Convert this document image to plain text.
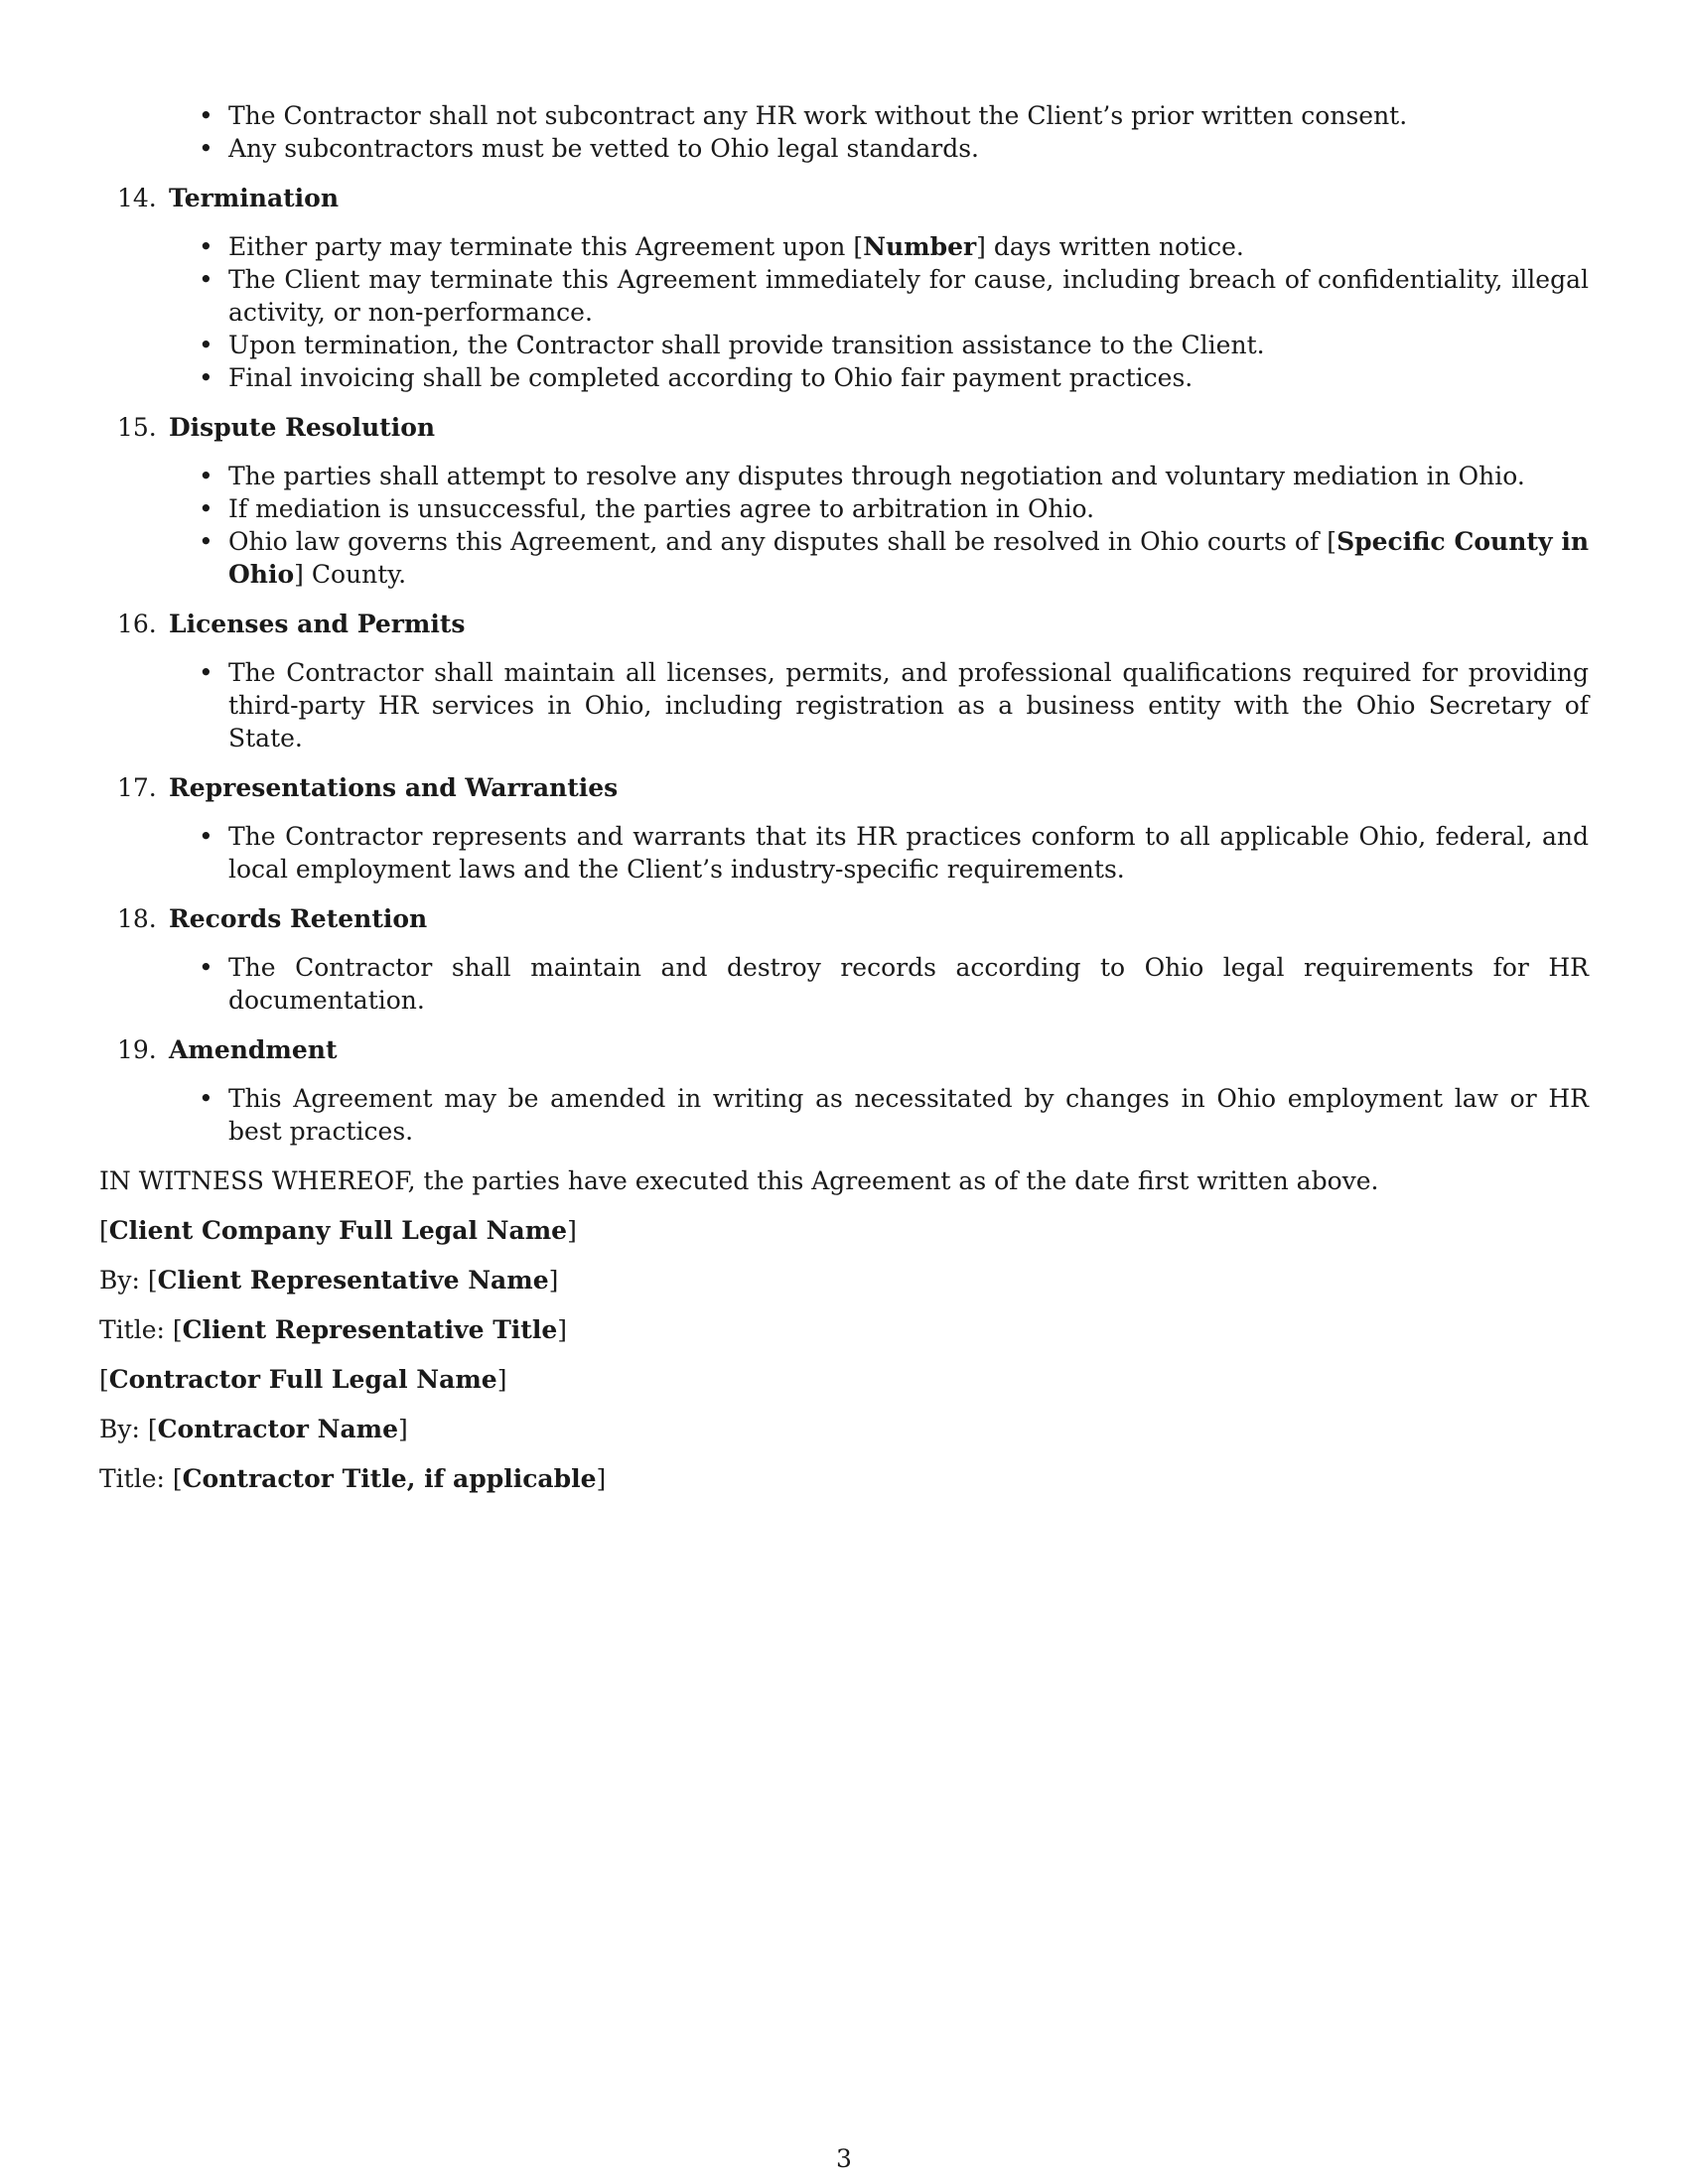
• The Contractor shall not subcontract any HR work without the Client’s prior written consent.
• Any subcontractors must be vetted to Ohio legal standards.
14. Termination
• Either party may terminate this Agreement upon [Number] days written notice.
• The Client may terminate this Agreement immediately for cause, including breach of confidentiality, illegal activity, or non-performance.
• Upon termination, the Contractor shall provide transition assistance to the Client.
• Final invoicing shall be completed according to Ohio fair payment practices.
15. Dispute Resolution
• The parties shall attempt to resolve any disputes through negotiation and voluntary mediation in Ohio.
• If mediation is unsuccessful, the parties agree to arbitration in Ohio.
• Ohio law governs this Agreement, and any disputes shall be resolved in Ohio courts of [Specific County in Ohio] County.
16. Licenses and Permits
• The Contractor shall maintain all licenses, permits, and professional qualifications required for providing third-party HR services in Ohio, including registration as a business entity with the Ohio Secretary of State.
17. Representations and Warranties
• The Contractor represents and warrants that its HR practices conform to all applicable Ohio, federal, and local employment laws and the Client’s industry-specific requirements.
18. Records Retention
• The Contractor shall maintain and destroy records according to Ohio legal requirements for HR documentation.
19. Amendment
• This Agreement may be amended in writing as necessitated by changes in Ohio employment law or HR best practices.

IN WITNESS WHEREOF, the parties have executed this Agreement as of the date first written above.

[Client Company Full Legal Name]

By: [Client Representative Name]

Title: [Client Representative Title]

[Contractor Full Legal Name]

By: [Contractor Name]

Title: [Contractor Title, if applicable]

3
